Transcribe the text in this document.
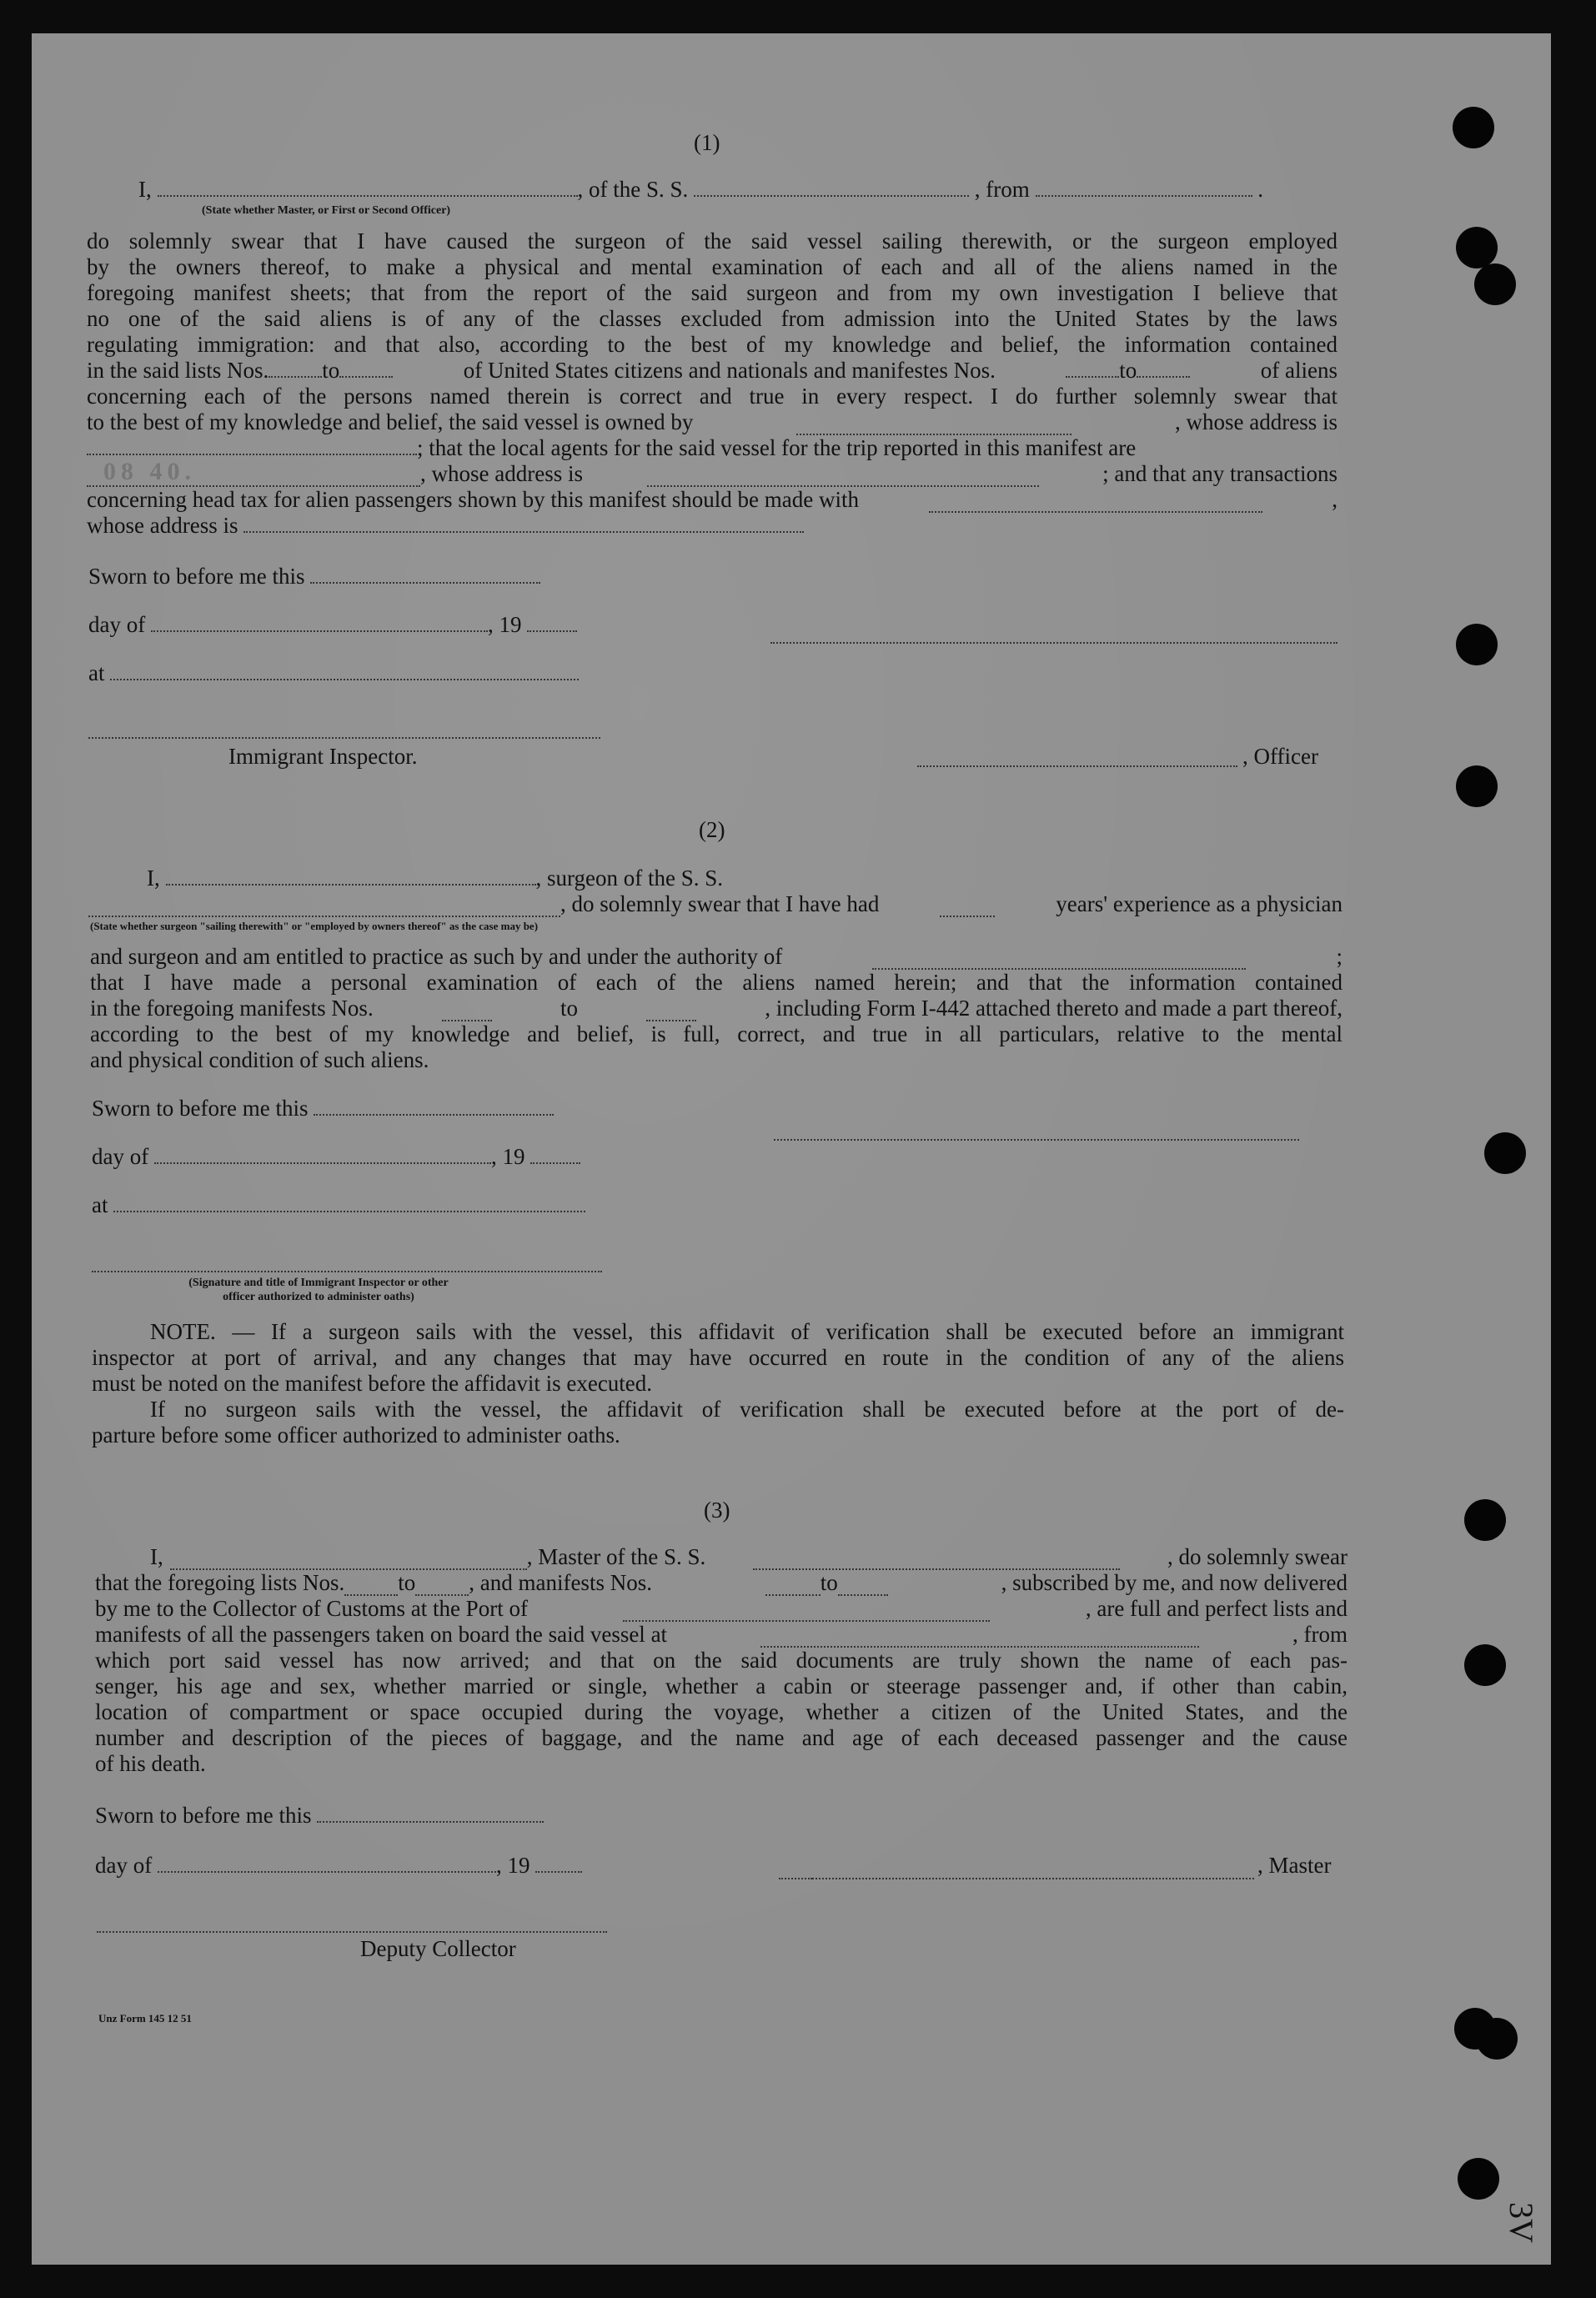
(1)
I,	, of the S. S.	, from	.
(State whether Master, or First or Second Officer)
do solemnly swear that I have caused the surgeon of the said vessel sailing therewith, or the surgeon employed
by the owners thereof, to make a physical and mental examination of each and all of the aliens named in the
foregoing manifest sheets; that from the report of the said surgeon and from my own investigation I believe that
no one of the said aliens is of any of the classes excluded from admission into the United States by the laws
regulating immigration: and that also, according to the best of my knowledge and belief, the information contained
in the said lists Nos. to	of United States citizens and nationals and manifestes Nos.	to	of aliens
concerning each of the persons named therein is correct and true in every respect. I do further solemnly swear that
to the best of my knowledge and belief, the said vessel is owned by	, whose address is
; that the local agents for the said vessel for the trip reported in this manifest are
08 40.	, whose address is	; and that any transactions
concerning head tax for alien passengers shown by this manifest should be made with	,
whose address is
Sworn to before me this
day of	, 19
at
Immigrant Inspector.	, Officer
(2)
I,	, surgeon of the S. S.
, do solemnly swear that I have had	years' experience as a physician
(State whether surgeon "sailing therewith" or "employed by owners thereof" as the case may be)
and surgeon and am entitled to practice as such by and under the authority of	;
that I have made a personal examination of each of the aliens named herein; and that the information contained
in the foregoing manifests Nos.	to	, including Form I-442 attached thereto and made a part thereof,
according to the best of my knowledge and belief, is full, correct, and true in all particulars, relative to the mental
and physical condition of such aliens.
Sworn to before me this
day of	, 19
at
(Signature and title of Immigrant Inspector or other
officer authorized to administer oaths)
NOTE. — If a surgeon sails with the vessel, this affidavit of verification shall be executed before an immigrant
inspector at port of arrival, and any changes that may have occurred en route in the condition of any of the aliens
must be noted on the manifest before the affidavit is executed.
If no surgeon sails with the vessel, the affidavit of verification shall be executed before at the port of de-
parture before some officer authorized to administer oaths.
(3)
I,	, Master of the S. S.	, do solemnly swear
that the foregoing lists Nos. to , and manifests Nos.	to	, subscribed by me, and now delivered
by me to the Collector of Customs at the Port of	, are full and perfect lists and
manifests of all the passengers taken on board the said vessel at	, from
which port said vessel has now arrived; and that on the said documents are truly shown the name of each pas-
senger, his age and sex, whether married or single, whether a cabin or steerage passenger and, if other than cabin,
location of compartment or space occupied during the voyage, whether a citizen of the United States, and the
number and description of the pieces of baggage, and the name and age of each deceased passenger and the cause
of his death.
Sworn to before me this
day of	, 19	, Master
Deputy Collector
Unz Form 145 12 51
3V
